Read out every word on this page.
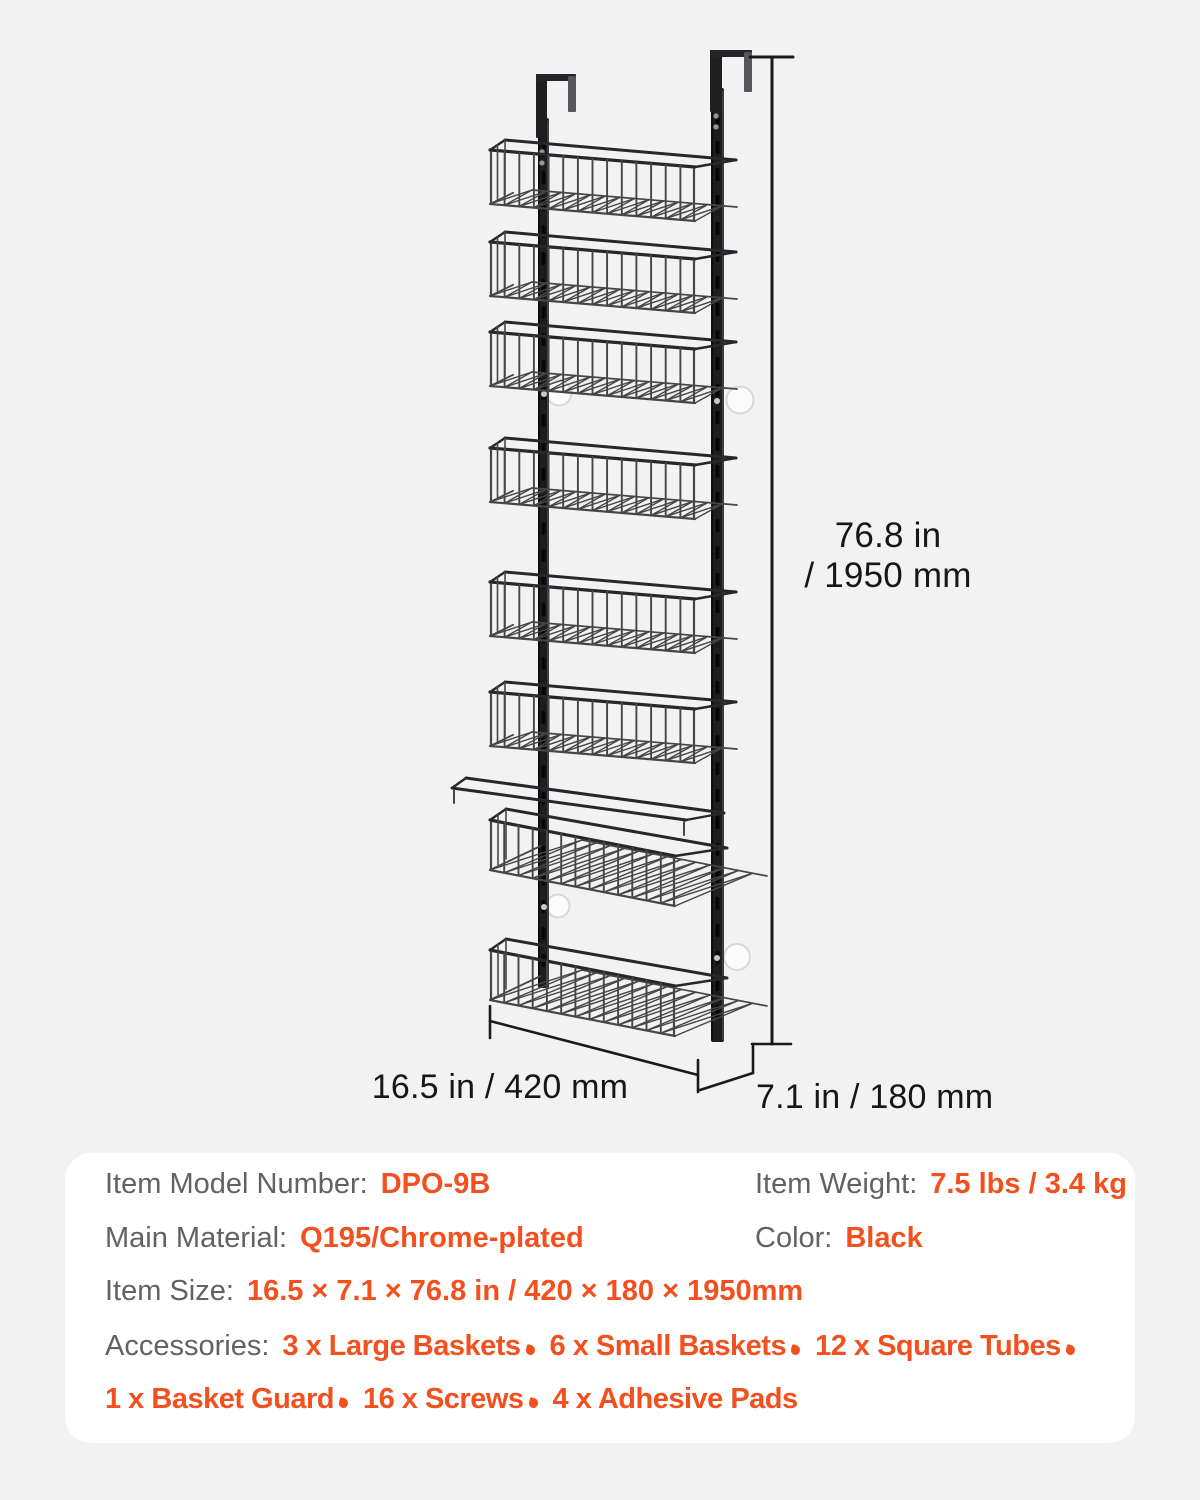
76.8 in
/ 1950 mm
16.5 in / 420 mm	7.1 in / 180 mm
Item Model Number: DPO-9B	Item Weight: 7.5 lbs / 3.4 kg
Main Material: Q195/Chrome-plated	Color: Black
Item Size: 16.5 × 7.1 × 76.8 in / 420 × 180 × 1950mm
Accessories: 3 x Large Baskets 6 x Small Baskets 12 x Square Tubes
1 x Basket Guard 16 x Screws 4 x Adhesive Pads
